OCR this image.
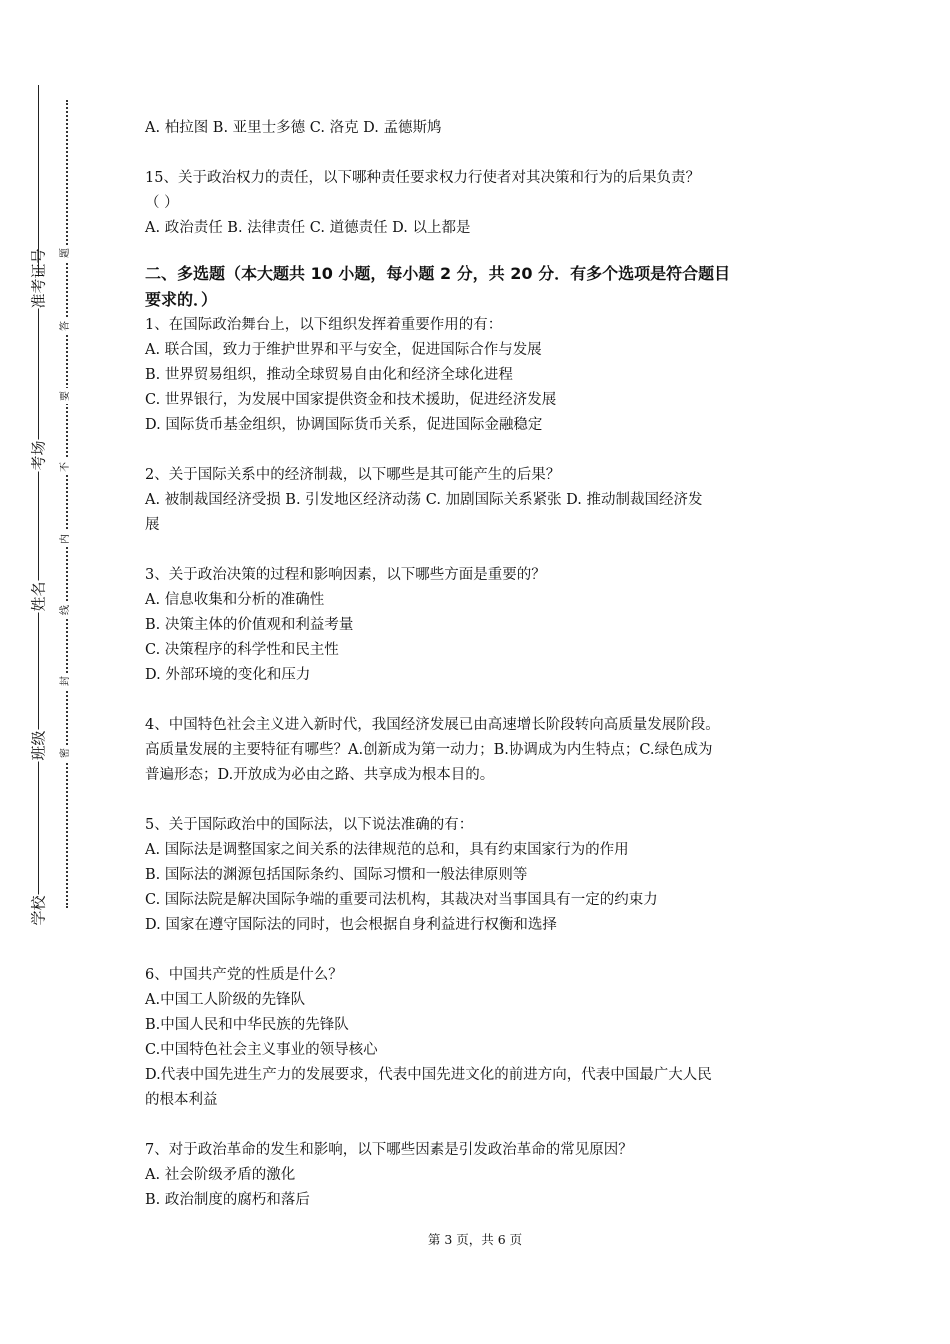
准考证号
考场
姓名
班级
学校
题
答
要
不
内
线
封
密
A. 柏拉图 B. 亚里士多德 C. 洛克 D. 孟德斯鸠
15、关于政治权力的责任，以下哪种责任要求权力行使者对其决策和行为的后果负责？
（ ）
A. 政治责任 B. 法律责任 C. 道德责任 D. 以上都是
二、多选题（本大题共 10 小题，每小题 2 分，共 20 分．有多个选项是符合题目
要求的．）
1、在国际政治舞台上，以下组织发挥着重要作用的有：
A. 联合国，致力于维护世界和平与安全，促进国际合作与发展
B. 世界贸易组织，推动全球贸易自由化和经济全球化进程
C. 世界银行，为发展中国家提供资金和技术援助，促进经济发展
D. 国际货币基金组织，协调国际货币关系，促进国际金融稳定
2、关于国际关系中的经济制裁，以下哪些是其可能产生的后果？
A. 被制裁国经济受损 B. 引发地区经济动荡 C. 加剧国际关系紧张 D. 推动制裁国经济发
展
3、关于政治决策的过程和影响因素，以下哪些方面是重要的？
A. 信息收集和分析的准确性
B. 决策主体的价值观和利益考量
C. 决策程序的科学性和民主性
D. 外部环境的变化和压力
4、中国特色社会主义进入新时代，我国经济发展已由高速增长阶段转向高质量发展阶段。
高质量发展的主要特征有哪些？A.创新成为第一动力；B.协调成为内生特点；C.绿色成为
普遍形态；D.开放成为必由之路、共享成为根本目的。
5、关于国际政治中的国际法，以下说法准确的有：
A. 国际法是调整国家之间关系的法律规范的总和，具有约束国家行为的作用
B. 国际法的渊源包括国际条约、国际习惯和一般法律原则等
C. 国际法院是解决国际争端的重要司法机构，其裁决对当事国具有一定的约束力
D. 国家在遵守国际法的同时，也会根据自身利益进行权衡和选择
6、中国共产党的性质是什么？
A.中国工人阶级的先锋队
B.中国人民和中华民族的先锋队
C.中国特色社会主义事业的领导核心
D.代表中国先进生产力的发展要求，代表中国先进文化的前进方向，代表中国最广大人民
的根本利益
7、对于政治革命的发生和影响，以下哪些因素是引发政治革命的常见原因？
A. 社会阶级矛盾的激化
B. 政治制度的腐朽和落后
第 3 页，共 6 页
